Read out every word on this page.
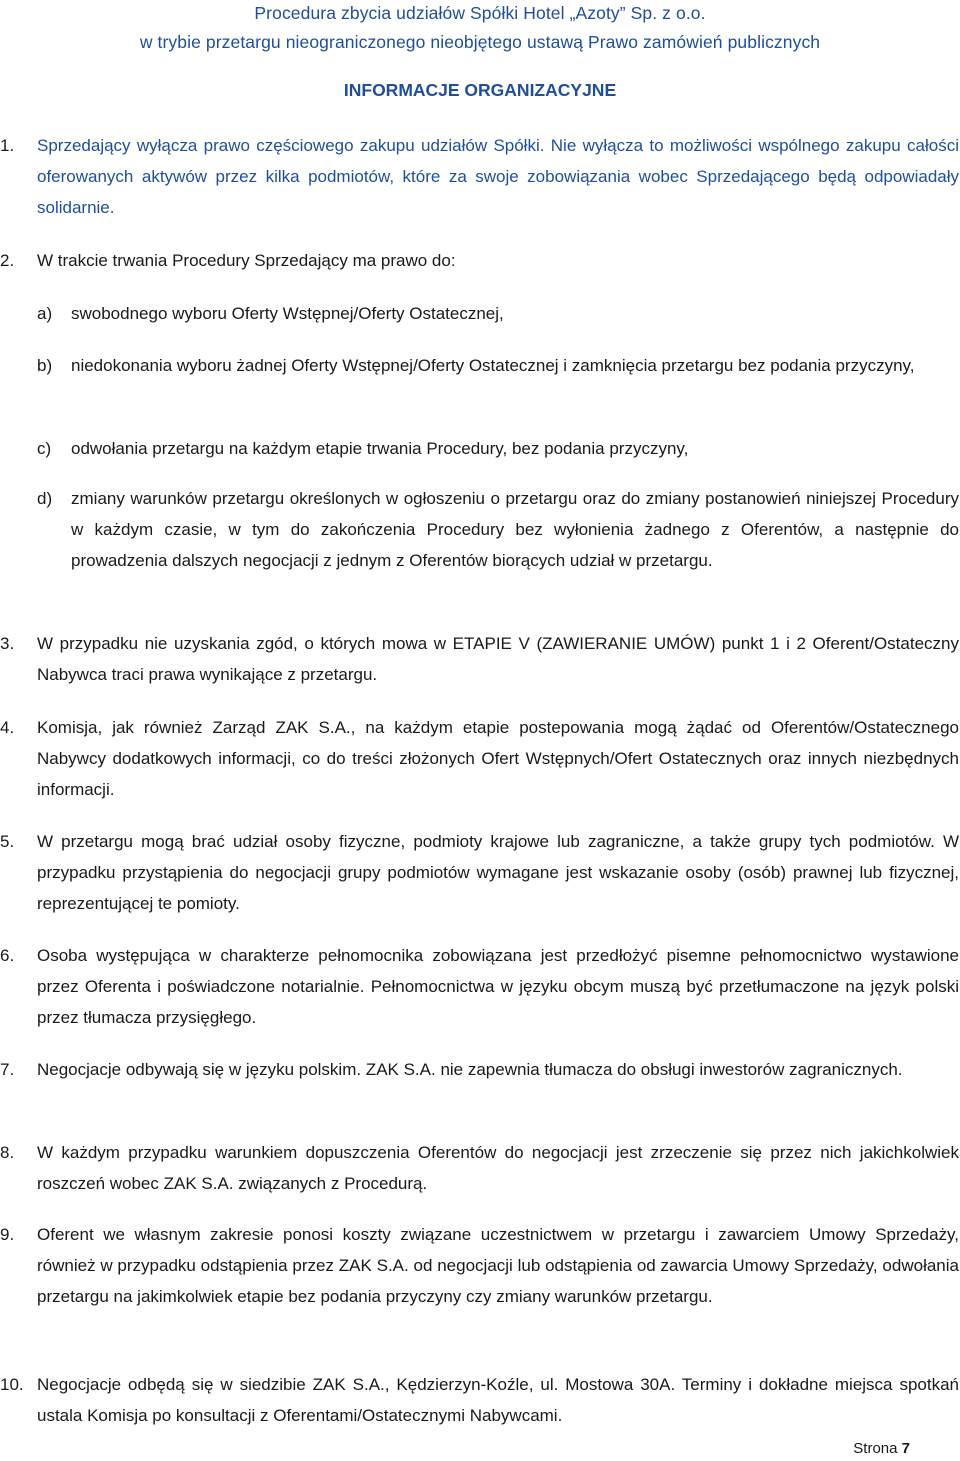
Procedura zbycia udziałów Spółki Hotel „Azoty” Sp. z o.o.
w trybie przetargu nieograniczonego nieobjętego ustawą Prawo zamówień publicznych
INFORMACJE ORGANIZACYJNE
1.	Sprzedający wyłącza prawo częściowego zakupu udziałów Spółki. Nie wyłącza to możliwości wspólnego zakupu całości oferowanych aktywów przez kilka podmiotów, które za swoje zobowiązania wobec Sprzedającego będą odpowiadały solidarnie.
2.	W trakcie trwania Procedury Sprzedający ma prawo do:
a)	swobodnego wyboru Oferty Wstępnej/Oferty Ostatecznej,
b)	niedokonania wyboru żadnej Oferty Wstępnej/Oferty Ostatecznej i zamknięcia przetargu bez podania przyczyny,
c)	odwołania przetargu na każdym etapie trwania Procedury, bez podania przyczyny,
d)	zmiany warunków przetargu określonych w ogłoszeniu o przetargu oraz do zmiany postanowień niniejszej Procedury w każdym czasie, w tym do zakończenia Procedury bez wyłonienia żadnego z Oferentów, a następnie do prowadzenia dalszych negocjacji z jednym z Oferentów biorących udział w przetargu.
3.	W przypadku nie uzyskania zgód, o których mowa w ETAPIE V (ZAWIERANIE UMÓW) punkt 1 i 2 Oferent/Ostateczny Nabywca traci prawa wynikające z przetargu.
4.	Komisja, jak również Zarząd ZAK S.A., na każdym etapie postepowania mogą żądać od Oferentów/Ostatecznego Nabywcy dodatkowych informacji, co do treści złożonych Ofert Wstępnych/Ofert Ostatecznych oraz innych niezbędnych informacji.
5.	W przetargu mogą brać udział osoby fizyczne, podmioty krajowe lub zagraniczne, a także grupy tych podmiotów. W przypadku przystąpienia do negocjacji grupy podmiotów wymagane jest wskazanie osoby (osób) prawnej lub fizycznej, reprezentującej te pomioty.
6.	Osoba występująca w charakterze pełnomocnika zobowiązana jest przedłożyć pisemne pełnomocnictwo wystawione przez Oferenta i poświadczone notarialnie. Pełnomocnictwa w języku obcym muszą być przetłumaczone na język polski przez tłumacza przysięgłego.
7.	Negocjacje odbywają się w języku polskim. ZAK S.A. nie zapewnia tłumacza do obsługi inwestorów zagranicznych.
8.	W każdym przypadku warunkiem dopuszczenia Oferentów do negocjacji jest zrzeczenie się przez nich jakichkolwiek roszczeń wobec ZAK S.A. związanych z Procedurą.
9.	Oferent we własnym zakresie ponosi koszty związane uczestnictwem w przetargu i zawarciem Umowy Sprzedaży, również w przypadku odstąpienia przez ZAK S.A. od negocjacji lub odstąpienia od zawarcia Umowy Sprzedaży, odwołania przetargu na jakimkolwiek etapie bez podania przyczyny czy zmiany warunków przetargu.
10. Negocjacje odbędą się w siedzibie ZAK S.A., Kędzierzyn-Koźle, ul. Mostowa 30A. Terminy i dokładne miejsca spotkań ustala Komisja po konsultacji z Oferentami/Ostatecznymi Nabywcami.
Strona 7
